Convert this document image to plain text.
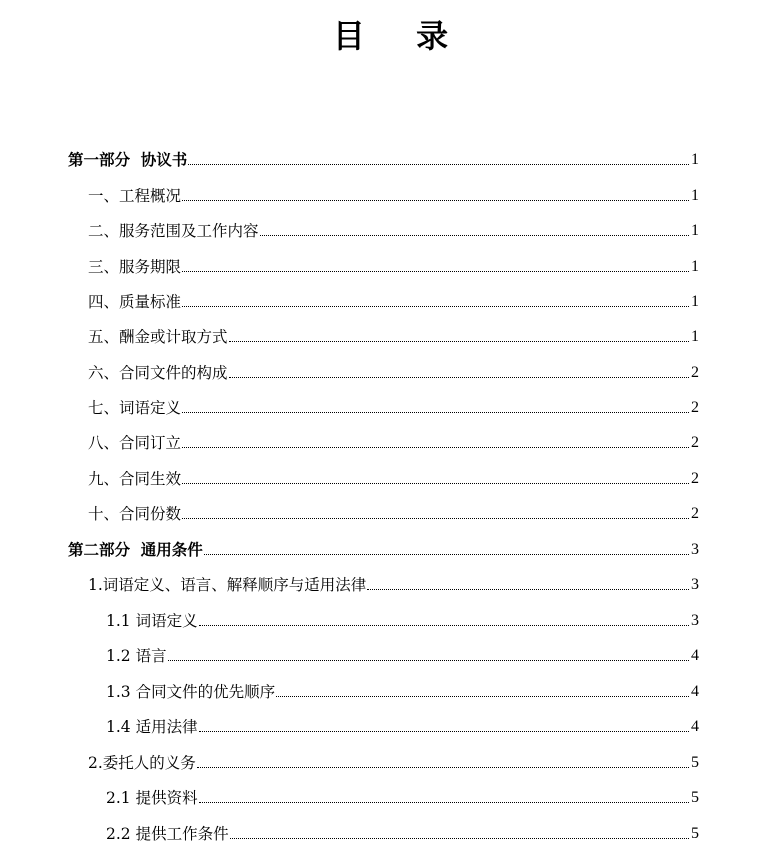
目 录
第一部分  协议书	1
一、工程概况	1
二、服务范围及工作内容	1
三、服务期限	1
四、质量标准	1
五、酬金或计取方式	1
六、合同文件的构成	2
七、词语定义	2
八、合同订立	2
九、合同生效	2
十、合同份数	2
第二部分  通用条件	3
1.词语定义、语言、解释顺序与适用法律	3
1.1 词语定义	3
1.2 语言	4
1.3 合同文件的优先顺序	4
1.4 适用法律	4
2.委托人的义务	5
2.1 提供资料	5
2.2 提供工作条件	5
